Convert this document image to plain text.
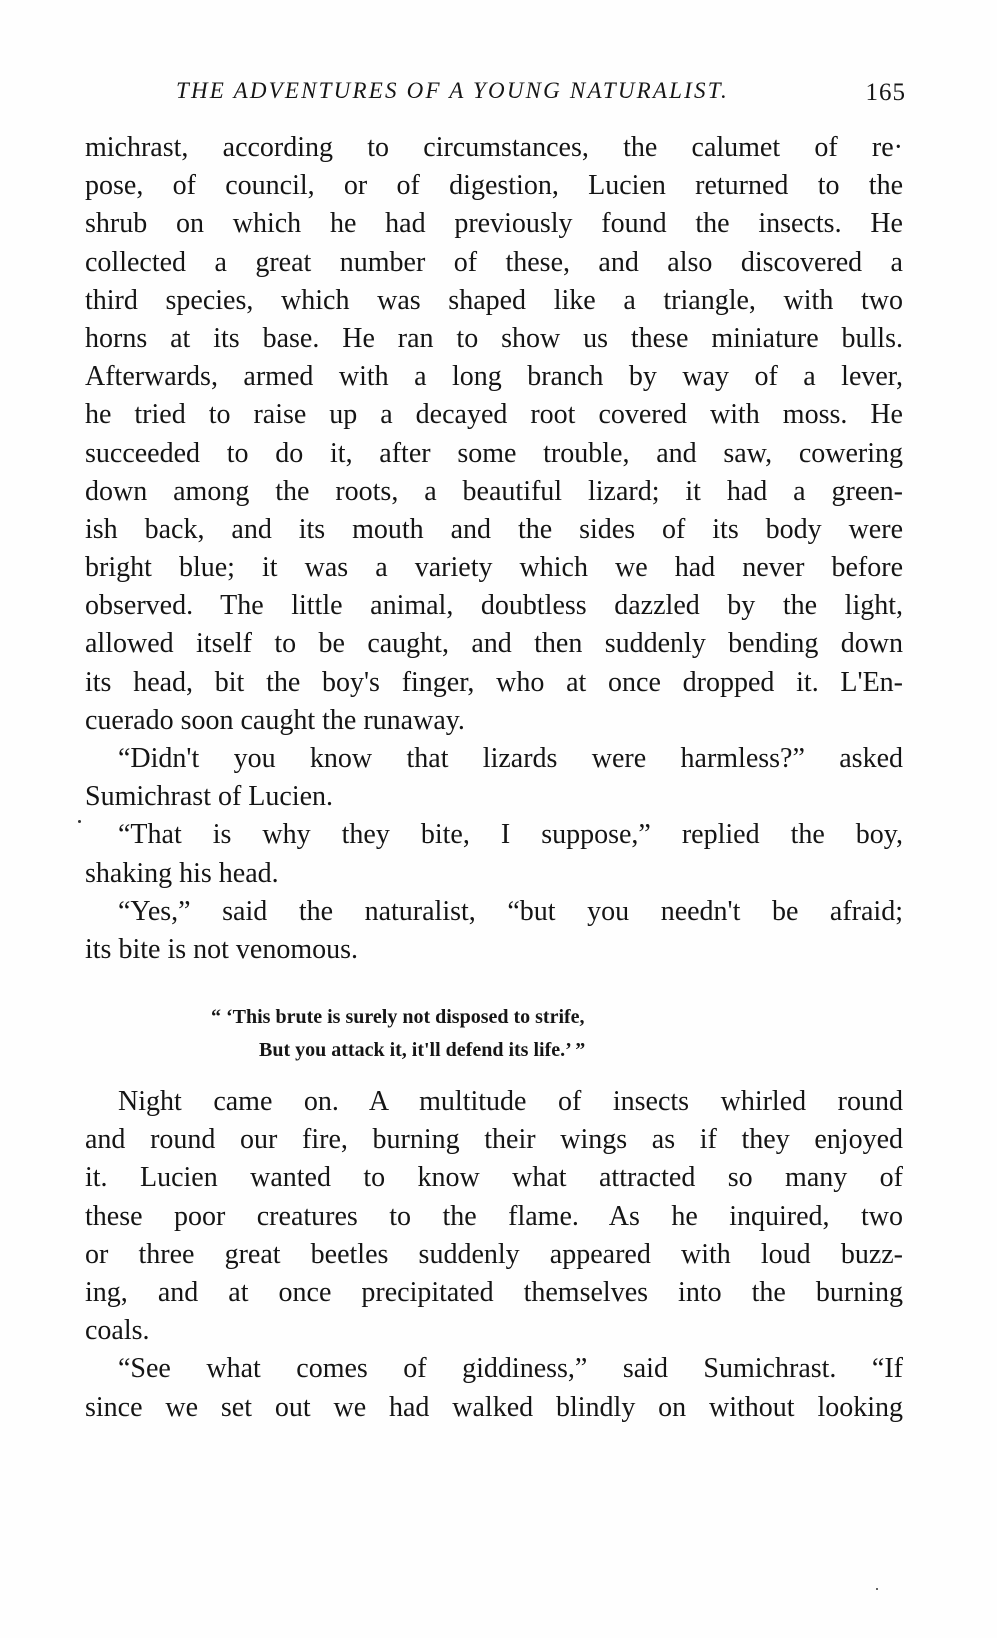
THE ADVENTURES OF A YOUNG NATURALIST.	165
michrast, according to circumstances, the calumet of re·
pose, of council, or of digestion, Lucien returned to the
shrub on which he had previously found the insects. He
collected a great number of these, and also discovered a
third species, which was shaped like a triangle, with two
horns at its base. He ran to show us these miniature bulls.
Afterwards, armed with a long branch by way of a lever,
he tried to raise up a decayed root covered with moss. He
succeeded to do it, after some trouble, and saw, cowering
down among the roots, a beautiful lizard; it had a green-
ish back, and its mouth and the sides of its body were
bright blue; it was a variety which we had never before
observed. The little animal, doubtless dazzled by the light,
allowed itself to be caught, and then suddenly bending down
its head, bit the boy's finger, who at once dropped it. L'En-
cuerado soon caught the runaway.
“Didn't you know that lizards were harmless?” asked
Sumichrast of Lucien.
“That is why they bite, I suppose,” replied the boy,
shaking his head.
“Yes,” said the naturalist, “but you needn't be afraid;
its bite is not venomous.
“ ‘This brute is surely not disposed to strife,
But you attack it, it'll defend its life.’ ”
Night came on. A multitude of insects whirled round
and round our fire, burning their wings as if they enjoyed
it. Lucien wanted to know what attracted so many of
these poor creatures to the flame. As he inquired, two
or three great beetles suddenly appeared with loud buzz-
ing, and at once precipitated themselves into the burning
coals.
“See what comes of giddiness,” said Sumichrast. “If
since we set out we had walked blindly on without looking
